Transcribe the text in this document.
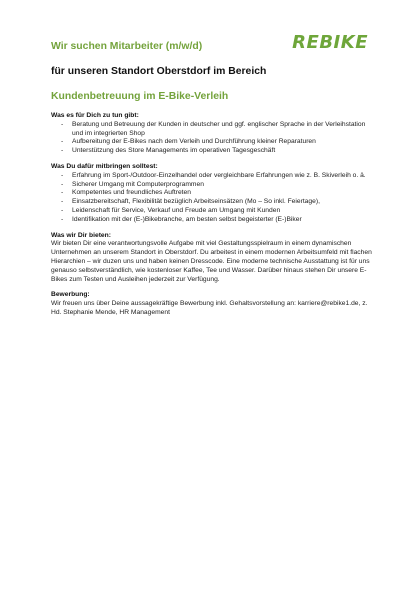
REBIKE
Wir suchen Mitarbeiter (m/w/d)
für unseren Standort Oberstdorf im Bereich
Kundenbetreuung im E-Bike-Verleih
Was es für Dich zu tun gibt:
- Beratung und Betreuung der Kunden in deutscher und ggf. englischer Sprache in der Verleihstation und im integrierten Shop
- Aufbereitung der E-Bikes nach dem Verleih und Durchführung kleiner Reparaturen
- Unterstützung des Store Managements im operativen Tagesgeschäft
Was Du dafür mitbringen solltest:
- Erfahrung im Sport-/Outdoor-Einzelhandel oder vergleichbare Erfahrungen wie z. B. Skiverleih o. ä.
- Sicherer Umgang mit Computerprogrammen
- Kompetentes und freundliches Auftreten
- Einsatzbereitschaft, Flexibilität bezüglich Arbeitseinsätzen (Mo – So inkl. Feiertage),
- Leidenschaft für Service, Verkauf und Freude am Umgang mit Kunden
- Identifikation mit der (E-)Bikebranche, am besten selbst begeisterter (E-)Biker
Was wir Dir bieten:

Wir bieten Dir eine verantwortungsvolle Aufgabe mit viel Gestaltungsspielraum in einem dynamischen Unternehmen an unserem Standort in Oberstdorf. Du arbeitest in einem modernen Arbeitsumfeld mit flachen Hierarchien – wir duzen uns und haben keinen Dresscode. Eine moderne technische Ausstattung ist für uns genauso selbstverständlich, wie kostenloser Kaffee, Tee und Wasser. Darüber hinaus stehen Dir unsere E-Bikes zum Testen und Ausleihen jederzeit zur Verfügung.

Bewerbung:

Wir freuen uns über Deine aussagekräftige Bewerbung inkl. Gehaltsvorstellung an: karriere@rebike1.de, z. Hd. Stephanie Mende, HR Management
